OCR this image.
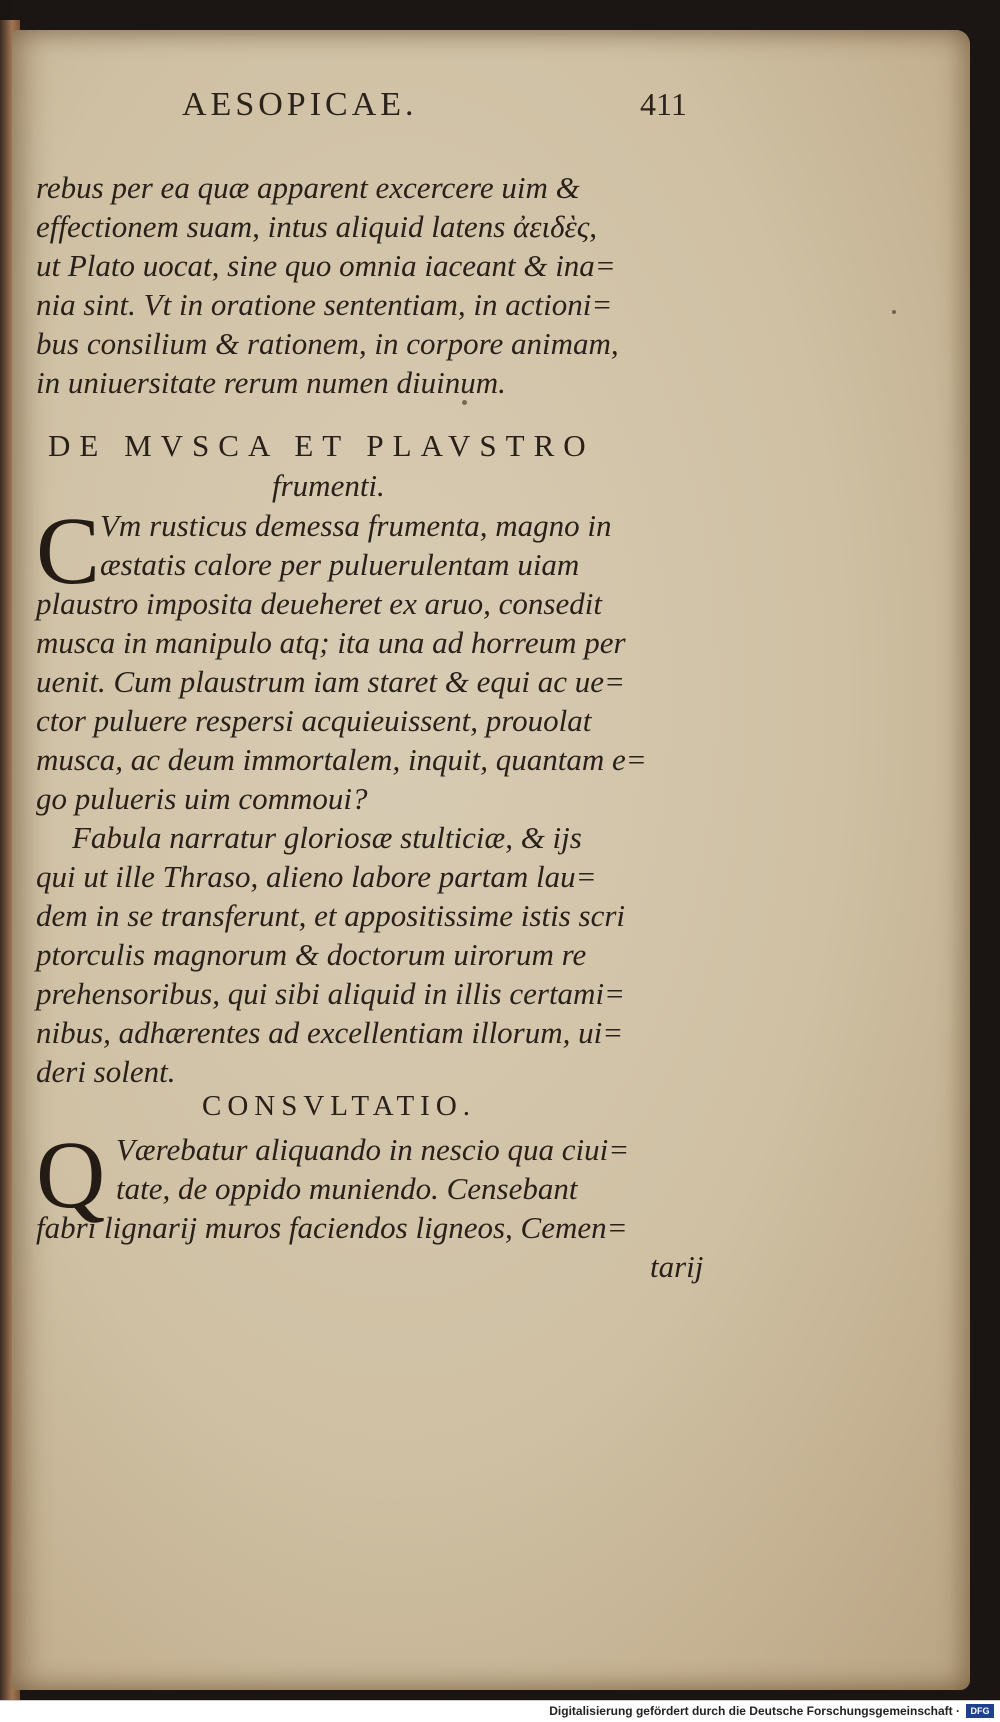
AESOPICAE.	411
rebus per ea quæ apparent excercere uim &
effectionem suam, intus aliquid latens ἀειδὲς,
ut Plato uocat, sine quo omnia iaceant & ina=
nia sint. Vt in oratione sententiam, in actioni=
bus consilium & rationem, in corpore animam,
in uniuersitate rerum numen diuinum.
DE MVSCA ET PLAVSTRO
frumenti.
C Vm rusticus demessa frumenta, magno in
æstatis calore per puluerulentam uiam
plaustro imposita deueheret ex aruo, consedit
musca in manipulo atq; ita una ad horreum per
uenit. Cum plaustrum iam staret & equi ac ue=
ctor puluere respersi acquieuissent, prouolat
musca, ac deum immortalem, inquit, quantam e=
go pulueris uim commoui?
Fabula narratur gloriosæ stulticiæ, & ijs
qui ut ille Thraso, alieno labore partam lau=
dem in se transferunt, et appositissime istis scri
ptorculis magnorum & doctorum uirorum re
prehensoribus, qui sibi aliquid in illis certami=
nibus, adhærentes ad excellentiam illorum, ui=
deri solent.
CONSVLTATIO.
Q Værebatur aliquando in nescio qua ciui=
tate, de oppido muniendo. Censebant
fabri lignarij muros faciendos ligneos, Cemen=
tarij
Digitalisierung gefördert durch die Deutsche Forschungsgemeinschaft ·	DFG
